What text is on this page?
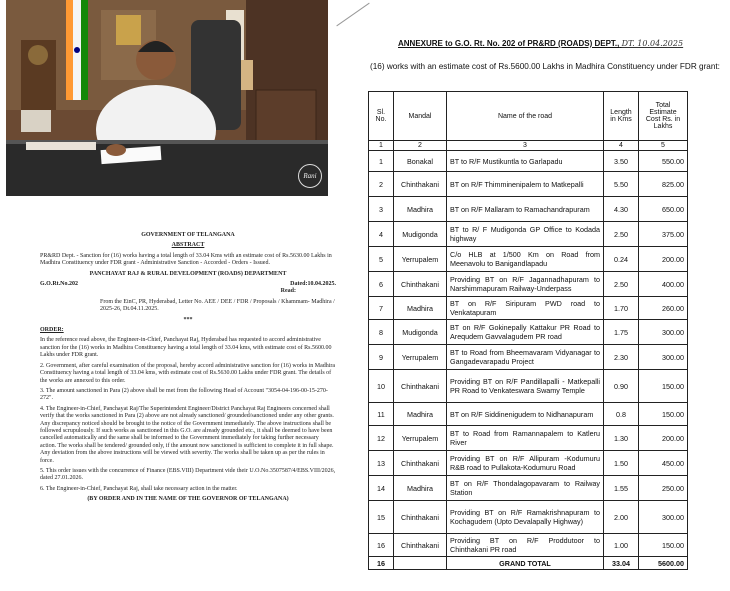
Rani

GOVERNMENT OF TELANGANA

ABSTRACT

PR&RD Dept. - Sanction for (16) works having a total length of 33.04 Kms with an estimate cost of Rs.5630.00 Lakhs in Madhira Constituency under FDR grant - Administrative Sanction - Accorded - Orders - Issued.

PANCHAYAT RAJ & RURAL DEVELOPMENT (ROADS) DEPARTMENT

G.O.Rt.No.202	Dated:10.04.2025.

Read:

From the EinC, PR, Hyderabad, Letter No. AEE / DEE / FDR / Proposals / Khammam- Madhira / 2025-26, Dt.04.11.2025.

***

ORDER:

In the reference read above, the Engineer-in-Chief, Panchayat Raj, Hyderabad has requested to accord administrative sanction for the (16) works in Madhira Constituency having a total length of 33.04 kms, with estimate cost of Rs.5600.00 Lakhs under FDR grant.

2. Government, after careful examination of the proposal, hereby accord administrative sanction for (16) works in Madhira Constituency having a total length of 33.04 kms, with estimate cost of Rs.5630.00 Lakhs under FDR grant. The details of the works are annexed to this order.

3. The amount sanctioned in Para (2) above shall be met from the following Head of Account "3054-04-196-00-15-270-272".

4. The Engineer-in-Chief, Panchayat Raj/The Superintendent Engineer/District Panchayat Raj Engineers concerned shall verify that the works sanctioned in Para (2) above are not already sanctioned/ grounded/sanctioned under any other grants. Any discrepancy noticed should be brought to the notice of the Government immediately. The above instructions shall be followed scrupulously. If such works as sanctioned in this G.O. are already grounded etc., it shall be deemed to have been cancelled automatically and the same shall be informed to the Government immediately for taking further necessary action. The works shall be tendered/ grounded only, if the amount now sanctioned is sufficient to complete it in full shape. Any deviation from the above instructions will be viewed with severity. The works shall be taken up as per the rules in force.

5. This order issues with the concurrence of Finance (EBS.VIII) Department vide their U.O.No.3507587/4/EBS.VIII/2026, dated 27.01.2026.

6. The Engineer-in-Chief, Panchayat Raj, shall take necessary action in the matter.

(BY ORDER AND IN THE NAME OF THE GOVERNOR OF TELANGANA)

ANNEXURE to G.O. Rt. No. 202 of PR&RD (ROADS) DEPT., DT. 10.04.2025
(16) works with an estimate cost of Rs.5600.00 Lakhs in Madhira Constituency under FDR grant:
Sl. No.	Mandal	Name of the road	Length in Kms	Total Estimate Cost Rs. in Lakhs
1	2	3	4	5
1	Bonakal	BT to R/F Mustikuntla to Garlapadu	3.50	550.00
2	Chinthakani	BT on R/F Thimminenipalem to Matkepalli	5.50	825.00
3	Madhira	BT on R/F Mallaram to Ramachandrapuram	4.30	650.00
4	Mudigonda	BT to R/ F Mudigonda GP Office to Kodada highway	2.50	375.00
5	Yerrupalem	C/o HLB at 1/500 Km on Road from Meenavolu to Banigandlapadu	0.24	200.00
6	Chinthakani	Providing BT on R/F Jagannadhapuram to Narshimmapuram Railway-Underpass	2.50	400.00
7	Madhira	BT on R/F Siripuram PWD road to Venkatapuram	1.70	260.00
8	Mudigonda	BT on R/F Gokinepally Kattakur PR Road to Arequdem Gavvalagudem PR road	1.75	300.00
9	Yerrupalem	BT to Road from Bheemavaram Vidyanagar to Gangadevarapadu Project	2.30	300.00
10	Chinthakani	Providing BT on R/F Pandillapalli - Matkepalli PR Road to Venkateswara Swamy Temple	0.90	150.00
11	Madhira	BT on R/F Siddinenigudem to Nidhanapuram	0.8	150.00
12	Yerrupalem	BT to Road from Ramannapalem to Katleru River	1.30	200.00
13	Chinthakani	Providing BT on R/F Allipuram -Kodumuru R&B road to Pullakota-Kodumuru Road	1.50	450.00
14	Madhira	BT on R/F Thondalagopavaram to Railway Station	1.55	250.00
15	Chinthakani	Providing BT on R/F Ramakrishnapuram to Kochagudem (Upto Devalapally Highway)	2.00	300.00
16	Chinthakani	Providing BT on R/F Proddutoor to Chinthakani PR road	1.00	150.00
16		GRAND TOTAL	33.04	5600.00
